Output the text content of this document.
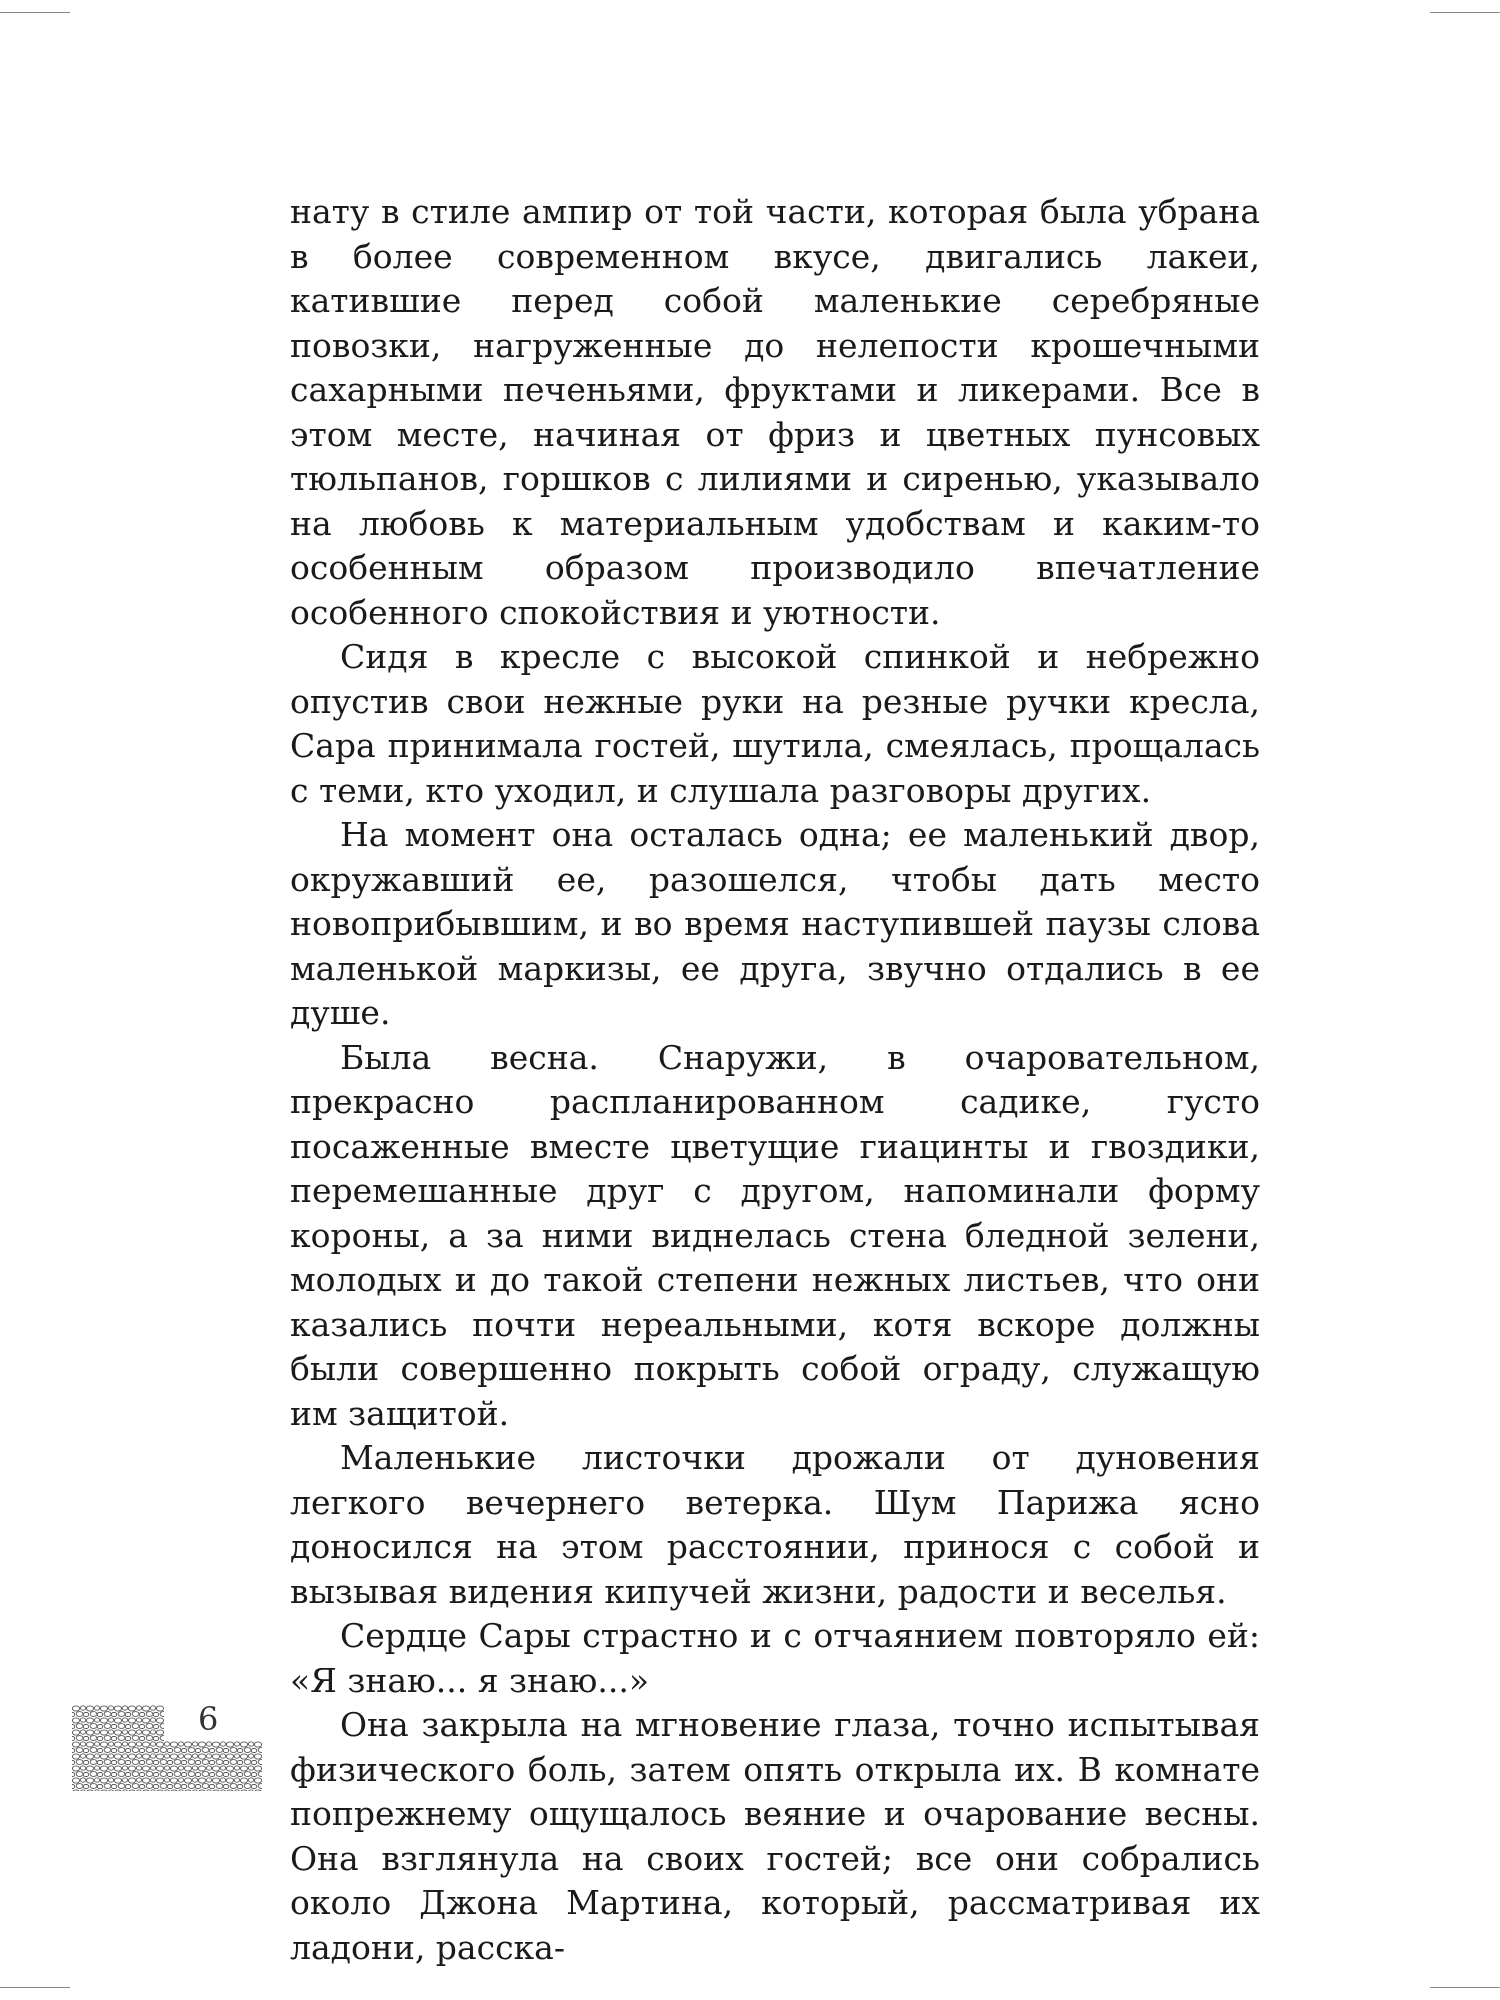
нату в стиле ампир от той части, которая была убрана в более современном вкусе, двигались лакеи, катившие перед собой маленькие серебряные повозки, нагруженные до нелепости крошечными сахарными печеньями, фруктами и ликерами. Все в этом месте, начиная от фриз и цветных пунсовых тюльпанов, горшков с лилиями и сиренью, указывало на любовь к материальным удобствам и каким-то особенным образом производило впечатление особенного спокойствия и уютности.

Сидя в кресле с высокой спинкой и небрежно опустив свои нежные руки на резные ручки кресла, Сара принимала гостей, шутила, смеялась, прощалась с теми, кто уходил, и слушала разговоры других.

На момент она осталась одна; ее маленький двор, окружавший ее, разошелся, чтобы дать место новоприбывшим, и во время наступившей паузы слова маленькой маркизы, ее друга, звучно отдались в ее душе.

Была весна. Снаружи, в очаровательном, прекрасно распланированном садике, густо посаженные вместе цветущие гиацинты и гвоздики, перемешанные друг с другом, напоминали форму короны, а за ними виднелась стена бледной зелени, молодых и до такой степени нежных листьев, что они казались почти нереальными, котя вскоре должны были совершенно покрыть собой ограду, служащую им защитой.

Маленькие листочки дрожали от дуновения легкого вечернего ветерка. Шум Парижа ясно доносился на этом расстоянии, принося с собой и вызывая видения кипучей жизни, радости и веселья.

Сердце Сары страстно и с отчаянием повторяло ей: «Я знаю... я знаю...»

Она закрыла на мгновение глаза, точно испытывая физического боль, затем опять открыла их. В комнате попрежнему ощущалось веяние и очарование весны. Она взглянула на своих гостей; все они собрались около Джона Мартина, который, рассматривая их ладони, расска-

6
